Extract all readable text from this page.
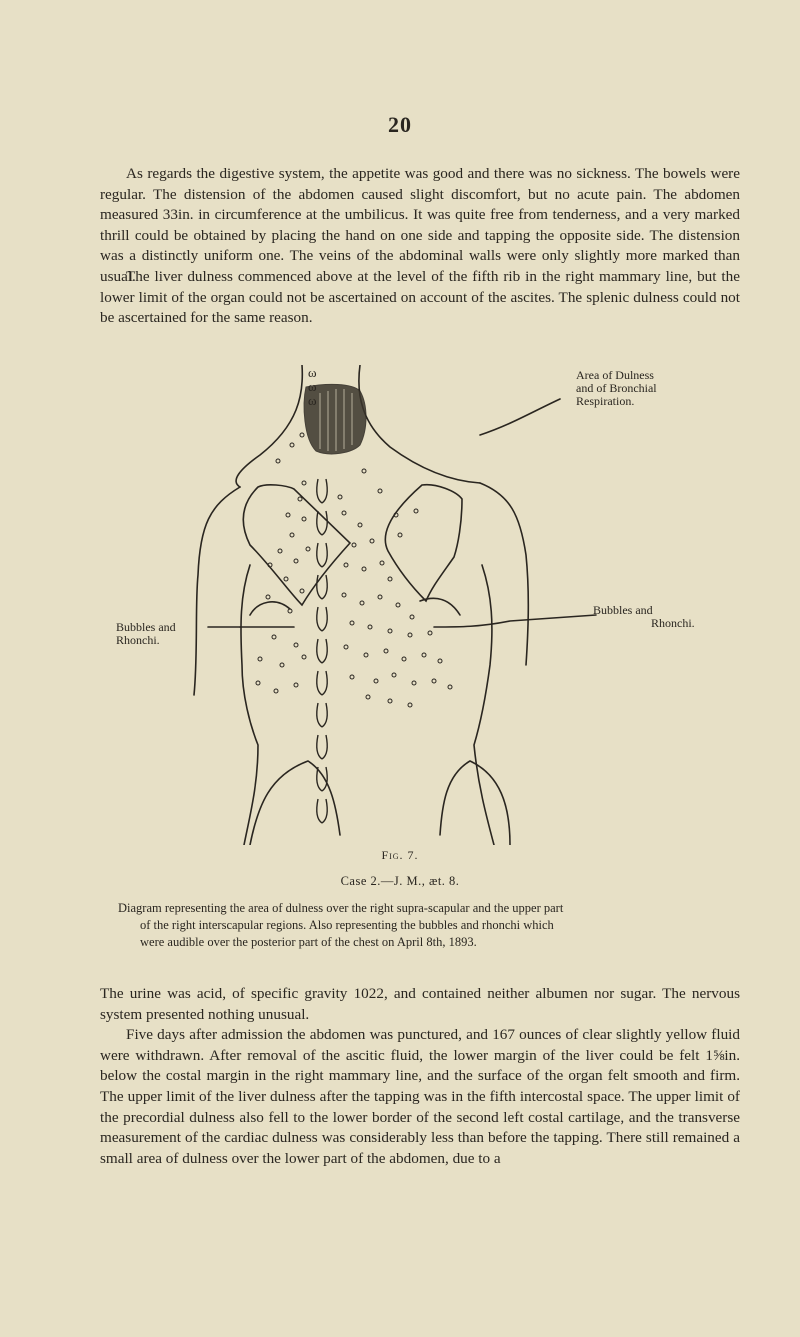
20

As regards the digestive system, the appetite was good and there was no sickness. The bowels were regular. The distension of the abdomen caused slight discomfort, but no acute pain. The abdomen measured 33in. in circumference at the umbilicus. It was quite free from tenderness, and a very marked thrill could be obtained by placing the hand on one side and tapping the opposite side. The distension was a distinctly uniform one. The veins of the abdominal walls were only slightly more marked than usual.

The liver dulness commenced above at the level of the fifth rib in the right mammary line, but the lower limit of the organ could not be ascertained on account of the ascites. The splenic dulness could not be ascertained for the same reason.

ω
ω
ω
Area of Dulness
and of Bronchial
Respiration.
Bubbles and
Rhonchi.
Bubbles and
Rhonchi.
Fig. 7.
Case 2.—J. M., æt. 8.

Diagram representing the area of dulness over the right supra-scapular and the upper part
of the right interscapular regions. Also representing the bubbles and rhonchi which
were audible over the posterior part of the chest on April 8th, 1893.

The urine was acid, of specific gravity 1022, and contained neither albumen nor sugar. The nervous system presented nothing unusual.

Five days after admission the abdomen was punctured, and 167 ounces of clear slightly yellow fluid were withdrawn. After removal of the ascitic fluid, the lower margin of the liver could be felt 1⅝in. below the costal margin in the right mammary line, and the surface of the organ felt smooth and firm. The upper limit of the liver dulness after the tapping was in the fifth intercostal space. The upper limit of the precordial dulness also fell to the lower border of the second left costal cartilage, and the transverse measurement of the cardiac dulness was considerably less than before the tapping. There still remained a small area of dulness over the lower part of the abdomen, due to a
